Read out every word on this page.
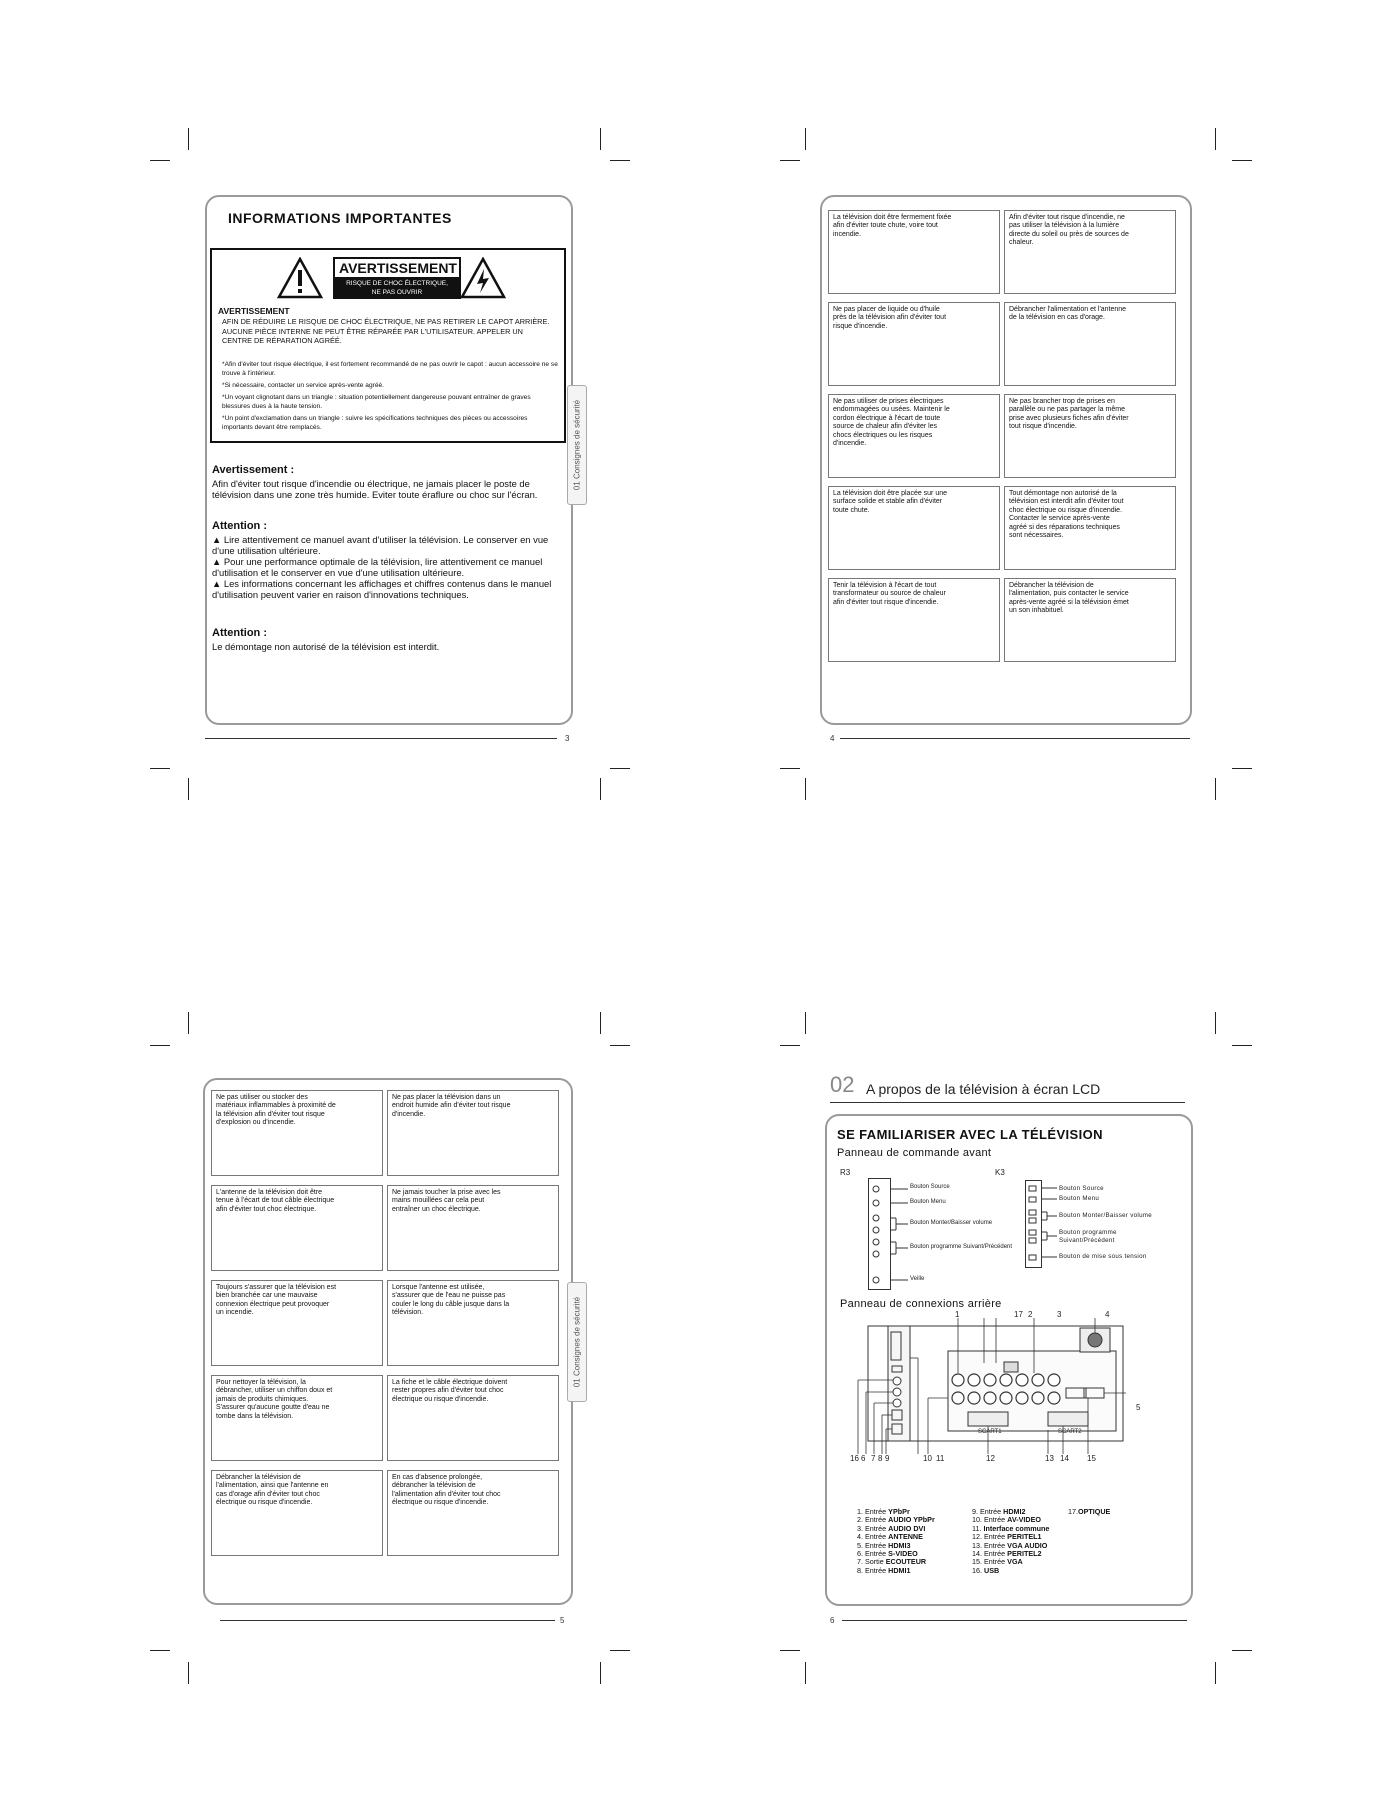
INFORMATIONS IMPORTANTES
AVERTISSEMENT
RISQUE DE CHOC ÉLECTRIQUE,
NE PAS OUVRIR
AVERTISSEMENT
AFIN DE RÉDUIRE LE RISQUE DE CHOC ÉLECTRIQUE, NE PAS RETIRER LE CAPOT ARRIÈRE. AUCUNE PIÈCE INTERNE NE PEUT ÊTRE RÉPARÉE PAR L'UTILISATEUR. APPELER UN CENTRE DE RÉPARATION AGRÉÉ.
*Afin d'éviter tout risque électrique, il est fortement recommandé de ne pas ouvrir le capot : aucun accessoire ne se trouve à l'intérieur.
*Si nécessaire, contacter un service après-vente agréé.
*Un voyant clignotant dans un triangle : situation potentiellement dangereuse pouvant entraîner de graves blessures dues à la haute tension.
*Un point d'exclamation dans un triangle : suivre les spécifications techniques des pièces ou accessoires importants devant être remplacés.	01 Consignes de sécurité
Avertissement :
Afin d'éviter tout risque d'incendie ou électrique, ne jamais placer le poste de télévision dans une zone très humide. Eviter toute éraflure ou choc sur l'écran.
Attention :
▲ Lire attentivement ce manuel avant d'utiliser la télévision. Le conserver en vue d'une utilisation ultérieure.
▲ Pour une performance optimale de la télévision, lire attentivement ce manuel d'utilisation et le conserver en vue d'une utilisation ultérieure.
▲ Les informations concernant les affichages et chiffres contenus dans le manuel d'utilisation peuvent varier en raison d'innovations techniques.
Attention :
Le démontage non autorisé de la télévision est interdit.
3
La télévision doit être fermement fixée afin d'éviter toute chute, voire tout incendie.
Afin d'éviter tout risque d'incendie, ne pas utiliser la télévision à la lumière directe du soleil ou près de sources de chaleur.
Ne pas placer de liquide ou d'huile près de la télévision afin d'éviter tout risque d'incendie.
Débrancher l'alimentation et l'antenne de la télévision en cas d'orage.
Ne pas utiliser de prises électriques endommagées ou usées. Maintenir le cordon électrique à l'écart de toute source de chaleur afin d'éviter les chocs électriques ou les risques d'incendie.
Ne pas brancher trop de prises en parallèle ou ne pas partager la même prise avec plusieurs fiches afin d'éviter tout risque d'incendie.
La télévision doit être placée sur une surface solide et stable afin d'éviter toute chute.
Tout démontage non autorisé de la télévision est interdit afin d'éviter tout choc électrique ou risque d'incendie. Contacter le service après-vente agréé si des réparations techniques sont nécessaires.
Tenir la télévision à l'écart de tout transformateur ou source de chaleur afin d'éviter tout risque d'incendie.
Débrancher la télévision de l'alimentation, puis contacter le service après-vente agréé si la télévision émet un son inhabituel.
4
Ne pas utiliser ou stocker des matériaux inflammables à proximité de la télévision afin d'éviter tout risque d'explosion ou d'incendie.
Ne pas placer la télévision dans un endroit humide afin d'éviter tout risque d'incendie.
L'antenne de la télévision doit être tenue à l'écart de tout câble électrique afin d'éviter tout choc électrique.
Ne jamais toucher la prise avec les mains mouillées car cela peut entraîner un choc électrique.
Toujours s'assurer que la télévision est bien branchée car une mauvaise connexion électrique peut provoquer un incendie.
Lorsque l'antenne est utilisée, s'assurer que de l'eau ne puisse pas couler le long du câble jusque dans la télévision.
Pour nettoyer la télévision, la débrancher, utiliser un chiffon doux et jamais de produits chimiques. S'assurer qu'aucune goutte d'eau ne tombe dans la télévision.
La fiche et le câble électrique doivent rester propres afin d'éviter tout choc électrique ou risque d'incendie.
Débrancher la télévision de l'alimentation, ainsi que l'antenne en cas d'orage afin d'éviter tout choc électrique ou risque d'incendie.
En cas d'absence prolongée, débrancher la télévision de l'alimentation afin d'éviter tout choc électrique ou risque d'incendie.
01 Consignes de sécurité
5
02 A propos de la télévision à écran LCD
SE FAMILIARISER AVEC LA TÉLÉVISION
Panneau de commande avant
R3	K3
Bouton Source
Bouton Menu
Bouton Monter/Baisser volume
Bouton programme Suivant/Précédent
Veille
Bouton Source
Bouton Menu
Bouton Monter/Baisser volume
Bouton programme
Suivant/Précédent
Bouton de mise sous tension
Panneau de connexions arrière
SCART1	SCART2
1	17 2	3	4
5
16 6 7 8 9	10 11	12	13 14 15
1. Entrée YPbPr
2. Entrée AUDIO YPbPr
3. Entrée AUDIO DVI
4. Entrée ANTENNE
5. Entrée HDMI3
6. Entrée S-VIDEO
7. Sortie ECOUTEUR
8. Entrée HDMI1
9. Entrée HDMI2
10. Entrée AV-VIDEO
11. Interface commune
12. Entrée PERITEL1
13. Entrée VGA AUDIO
14. Entrée PERITEL2
15. Entrée VGA
16. USB
17.OPTIQUE
6
